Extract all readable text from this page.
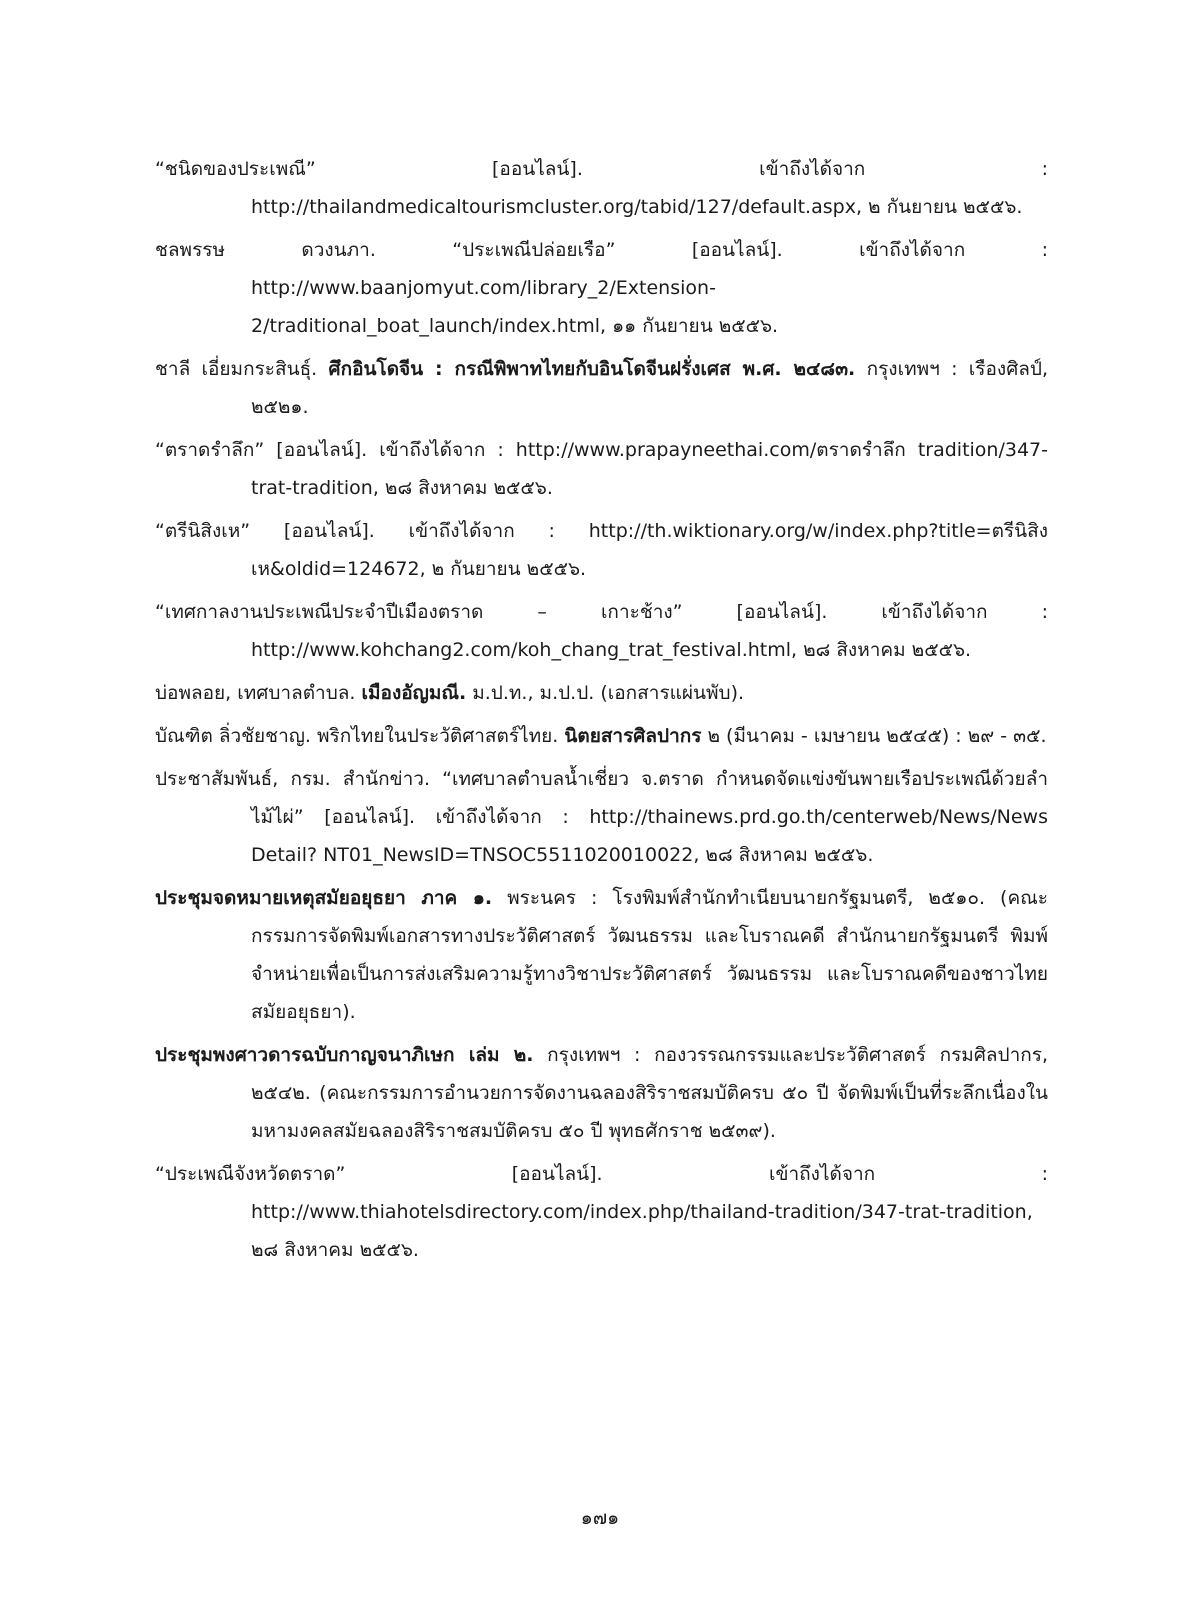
“ชนิดของประเพณี” [ออนไลน์]. เข้าถึงได้จาก : http://thailandmedicaltourismcluster.org/tabid/127/default.aspx, ๒ กันยายน ๒๕๕๖.

ชลพรรษ ดวงนภา. “ประเพณีปล่อยเรือ” [ออนไลน์]. เข้าถึงได้จาก : http://www.baanjomyut.com/library_2/Extension-2/traditional_boat_launch/index.html, ๑๑ กันยายน ๒๕๕๖.

ชาลี เอี่ยมกระสินธุ์. ศึกอินโดจีน : กรณีพิพาทไทยกับอินโดจีนฝรั่งเศส พ.ศ. ๒๔๘๓. กรุงเทพฯ : เรืองศิลป์, ๒๕๒๑.

“ตราดรำลึก” [ออนไลน์]. เข้าถึงได้จาก : http://www.prapayneethai.com/ตราดรำลึก tradition/347-trat-tradition, ๒๘ สิงหาคม ๒๕๕๖.

“ตรีนิสิงเห” [ออนไลน์]. เข้าถึงได้จาก : http://th.wiktionary.org/w/index.php?title=ตรีนิสิงเห&oldid=124672, ๒ กันยายน ๒๕๕๖.

“เทศกาลงานประเพณีประจำปีเมืองตราด – เกาะช้าง” [ออนไลน์]. เข้าถึงได้จาก : http://www.kohchang2.com/koh_chang_trat_festival.html, ๒๘ สิงหาคม ๒๕๕๖.

บ่อพลอย, เทศบาลตำบล. เมืองอัญมณี. ม.ป.ท., ม.ป.ป. (เอกสารแผ่นพับ).

บัณฑิต ลิ่วชัยชาญ. พริกไทยในประวัติศาสตร์ไทย. นิตยสารศิลปากร ๒ (มีนาคม - เมษายน ๒๕๔๕) : ๒๙ - ๓๕.

ประชาสัมพันธ์, กรม. สำนักข่าว. “เทศบาลตำบลน้ำเชี่ยว จ.ตราด กำหนดจัดแข่งขันพายเรือประเพณีด้วยลำไม้ไผ่” [ออนไลน์]. เข้าถึงได้จาก : http://thainews.prd.go.th/centerweb/News/News Detail? NT01_NewsID=TNSOC5511020010022, ๒๘ สิงหาคม ๒๕๕๖.

ประชุมจดหมายเหตุสมัยอยุธยา ภาค ๑. พระนคร : โรงพิมพ์สำนักทำเนียบนายกรัฐมนตรี, ๒๕๑๐. (คณะกรรมการจัดพิมพ์เอกสารทางประวัติศาสตร์ วัฒนธรรม และโบราณคดี สำนักนายกรัฐมนตรี พิมพ์จำหน่ายเพื่อเป็นการส่งเสริมความรู้ทางวิชาประวัติศาสตร์ วัฒนธรรม และโบราณคดีของชาวไทย สมัยอยุธยา).

ประชุมพงศาวดารฉบับกาญจนาภิเษก เล่ม ๒. กรุงเทพฯ : กองวรรณกรรมและประวัติศาสตร์ กรมศิลปากร, ๒๕๔๒. (คณะกรรมการอำนวยการจัดงานฉลองสิริราชสมบัติครบ ๕๐ ปี จัดพิมพ์เป็นที่ระลึกเนื่องในมหามงคลสมัยฉลองสิริราชสมบัติครบ ๕๐ ปี พุทธศักราช ๒๕๓๙).

“ประเพณีจังหวัดตราด” [ออนไลน์]. เข้าถึงได้จาก : http://www.thiahotelsdirectory.com/index.php/thailand-tradition/347-trat-tradition, ๒๘ สิงหาคม ๒๕๕๖.

๑๗๑
